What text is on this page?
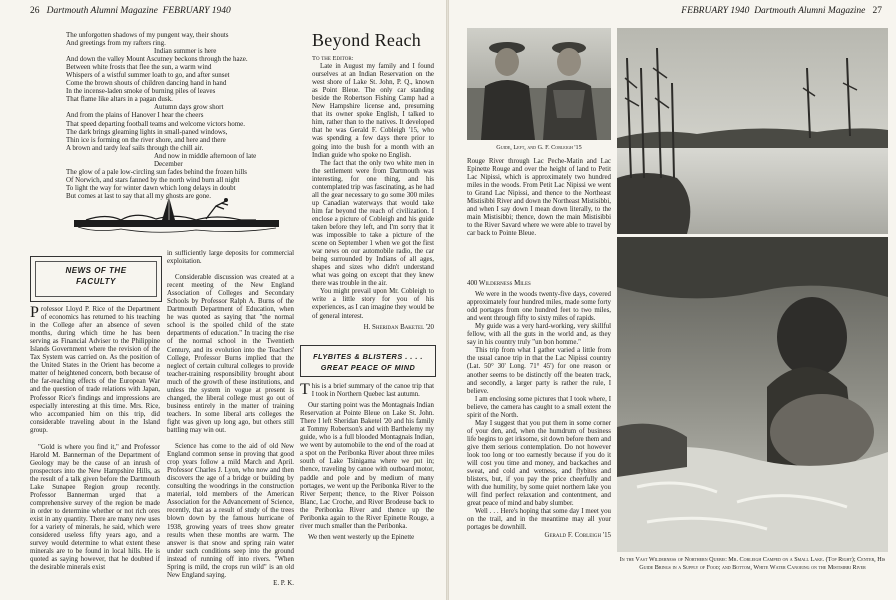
26 Dartmouth Alumni Magazine FEBRUARY 1940
The unforgotten shadows of my pungent way, their shouts
And greetings from my rafters ring.
Indian summer is here
And down the valley Mount Ascutney beckons through the haze.
Between white frosts that flee the sun, a warm wind
Whispers of a wistful summer loath to go, and after sunset
Come the brown shouts of children dancing hand in hand
In the incense-laden smoke of burning piles of leaves
That flame like altars in a pagan dusk.
Autumn days grow short
And from the plains of Hanover I hear the cheers
That speed departing football teams and welcome victors home.
The dark brings gleaming lights in small-paned windows,
Thin ice is forming on the river shore, and here and there
A brown and tardy leaf sails through the chill air.
And now in middle afternoon of late December
The glow of a pale low-circling sun fades behind the frozen hills
Of Norwich, and stars fanned by the north wind burn all night
To light the way for winter dawn which long delays in doubt
But comes at last to say that all my ghosts are gone.
NEWS OF THE
FACULTY

Professor Lloyd P. Rice of the Department of economics has returned to his teaching in the College after an absence of seven months, during which time he has been serving as Financial Adviser to the Philippine Islands Government where the revision of the Tax System was carried on. As the position of the United States in the Orient has become a matter of heightened concern, both because of the far-reaching effects of the European War and the question of trade relations with Japan, Professor Rice's findings and impressions are especially interesting at this time. Mrs. Rice, who accompanied him on this trip, did considerable traveling about in the Island group.

"Gold is where you find it," and Professor Harold M. Bannerman of the Department of Geology may be the cause of an inrush of prospectors into the New Hampshire Hills, as the result of a talk given before the Dartmouth Lake Sunapee Region group recently. Professor Bannerman urged that a comprehensive survey of the region be made in order to determine whether or not rich ores exist in any quantity. There are many new uses for a variety of minerals, he said, which were considered useless fifty years ago, and a survey would determine to what extent these minerals are to be found in local hills. He is quoted as saying however, that he doubted if the desirable minerals exist

in sufficiently large deposits for commercial exploitation.

Considerable discussion was created at a recent meeting of the New England Association of Colleges and Secondary Schools by Professor Ralph A. Burns of the Dartmouth Department of Education, when he was quoted as saying that "the normal school is the spoiled child of the state departments of education." In tracing the rise of the normal school in the Twentieth Century, and its evolution into the Teachers' College, Professor Burns implied that the neglect of certain cultural colleges to provide teacher-training responsibility brought about much of the growth of these institutions, and unless the system in vogue at present is changed, the liberal college must go out of business entirely in the matter of training teachers. In some liberal arts colleges the fight was given up long ago, but others still battling may win out.

Science has come to the aid of old New England common sense in proving that good crop years follow a mild March and April. Professor Charles J. Lyon, who now and then discovers the age of a bridge or building by consulting the woodrings in the construction material, told members of the American Association for the Advancement of Science, recently, that as a result of study of the trees blown down by the famous hurricane of 1938, growing years of trees show greater results when these months are warm. The answer is that snow and spring rain water under such conditions seep into the ground instead of running off into rivers. "When Spring is mild, the crops run wild" is an old New England saying.

E. P. K.

Beyond Reach

To the Editor:

Late in August my family and I found ourselves at an Indian Reservation on the west shore of Lake St. John, P. Q., known as Point Bleue. The only car standing beside the Robertson Fishing Camp had a New Hampshire license and, presuming that its owner spoke English, I talked to him, rather than to the natives. It developed that he was Gerald F. Cobleigh '15, who was spending a few days there prior to going into the bush for a month with an Indian guide who spoke no English.

The fact that the only two white men in the settlement were from Dartmouth was interesting, for one thing, and his contemplated trip was fascinating, as he had all the gear necessary to go some 300 miles up Canadian waterways that would take him far beyond the reach of civilization. I enclose a picture of Cobleigh and his guide taken before they left, and I'm sorry that it was impossible to take a picture of the scene on September 1 when we got the first war news on our automobile radio, the car being surrounded by Indians of all ages, shapes and sizes who didn't understand what was going on except that they knew there was trouble in the air.

You might prevail upon Mr. Cobleigh to write a little story for you of his experiences, as I can imagine they would be of general interest.

H. Sheridan Baketel '20

FLYBITES & BLISTERS . . . .
GREAT PEACE OF MIND

This is a brief summary of the canoe trip that I took in Northern Quebec last autumn.

Our starting point was the Montagnais Indian Reservation at Pointe Bleue on Lake St. John. There I left Sheridan Baketel '20 and his family at Tommy Robertson's and with Barthelemy my guide, who is a full blooded Montagnais Indian, we went by automobile to the end of the road at a spot on the Peribonka River about three miles south of Lake Tsinigama where we put in; thence, traveling by canoe with outboard motor, paddle and pole and by medium of many portages, we went up the Peribonka River to the River Serpent; thence, to the River Poisson Blanc, Lac Croche, and River Brodeuse back to the Peribonka River and thence up the Peribonka again to the River Epinette Rouge, a river much smaller than the Peribonka.

We then went westerly up the Epinette

FEBRUARY 1940 Dartmouth Alumni Magazine 27
Guide, Left, and G. F. Cobleigh '15

Rouge River through Lac Peche-Matin and Lac Epinette Rouge and over the height of land to Petit Lac Nipissi, which is approximately two hundred miles in the woods. From Petit Lac Nipissi we went to Grand Lac Nipissi, and thence to the Northeast Mistisibbi River and down the Northeast Mistisibbi, and when I say down I mean down literally, to the main Mistisibbi; thence, down the main Mistisibbi to the River Savard where we were able to travel by car back to Pointe Bleue.

400 Wilderness Miles

We were in the woods twenty-five days, covered approximately four hundred miles, made some forty odd portages from one hundred feet to two miles, and went through fifty to sixty miles of rapids.

My guide was a very hard-working, very skillful fellow, with all the guts in the world and, as they say in his country truly "un bon homme."

This trip from what I gather varied a little from the usual canoe trip in that the Lac Nipissi country (Lat. 50° 30' Long. 71° 45') for one reason or another seems to be distinctly off the beaten track, and secondly, a larger party is rather the rule, I believe.

I am enclosing some pictures that I took where, I believe, the camera has caught to a small extent the spirit of the North.

May I suggest that you put them in some corner of your den, and, when the humdrum of business life begins to get irksome, sit down before them and give them serious contemplation. Do not however look too long or too earnestly because if you do it will cost you time and money, and backaches and sweat, and cold and wetness, and flybites and blisters, but, if you pay the price cheerfully and with due humility, by some quiet northern lake you will find perfect relaxation and contentment, and great peace of mind and baby slumber.

Well . . . Here's hoping that some day I meet you on the trail, and in the meantime may all your portages be downhill.

Gerald F. Cobleigh '15

In the Vast Wilderness of Northern Quebec Mr. Cobleigh Camped on a Small Lake. (Top Right); Center, His Guide Brings in a Supply of Food; and Bottom, White Water Canoeing on the Mistisibbi River
